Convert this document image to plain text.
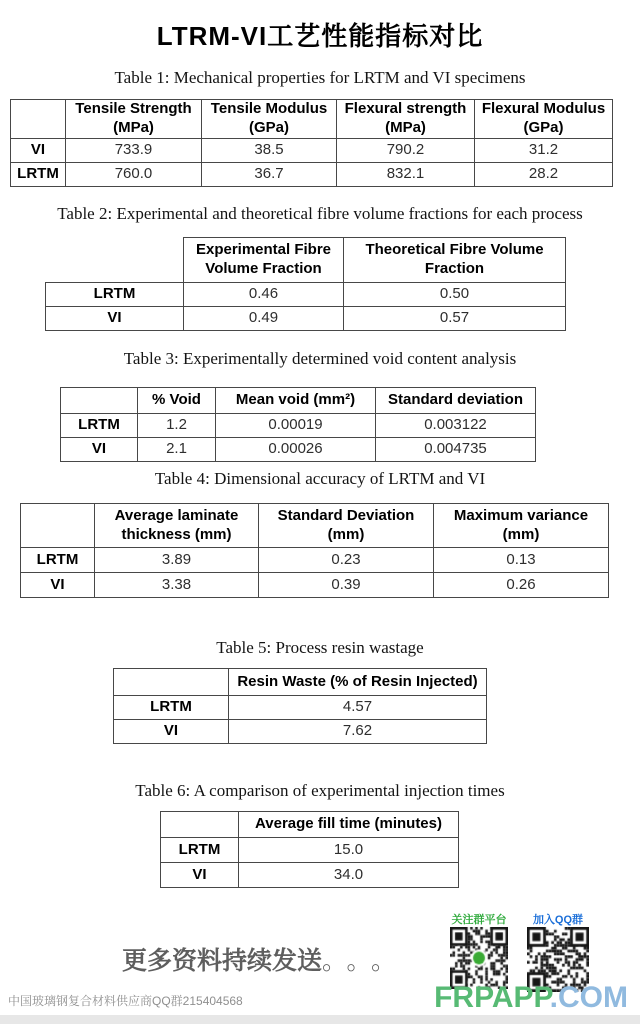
LTRM-VI工艺性能指标对比
Table 1: Mechanical properties for LRTM and VI specimens
	Tensile Strength (MPa)	Tensile Modulus (GPa)	Flexural strength (MPa)	Flexural Modulus (GPa)
VI	733.9	38.5	790.2	31.2
LRTM	760.0	36.7	832.1	28.2
Table 2: Experimental and theoretical fibre volume fractions for each process
	Experimental Fibre Volume Fraction	Theoretical Fibre Volume Fraction
LRTM	0.46	0.50
VI	0.49	0.57
Table 3: Experimentally determined void content analysis
	% Void	Mean void (mm²)	Standard deviation
LRTM	1.2	0.00019	0.003122
VI	2.1	0.00026	0.004735
Table 4: Dimensional accuracy of LRTM and VI
	Average laminate thickness (mm)	Standard Deviation (mm)	Maximum variance (mm)
LRTM	3.89	0.23	0.13
VI	3.38	0.39	0.26
Table 5: Process resin wastage
	Resin Waste (% of Resin Injected)
LRTM	4.57
VI	7.62
Table 6: A comparison of experimental injection times
	Average fill time (minutes)
LRTM	15.0
VI	34.0
关注群平台	加入QQ群
更多资料持续发送。。。
中国玻璃钢复合材料供应商QQ群215404568	FRPAPP.COM
